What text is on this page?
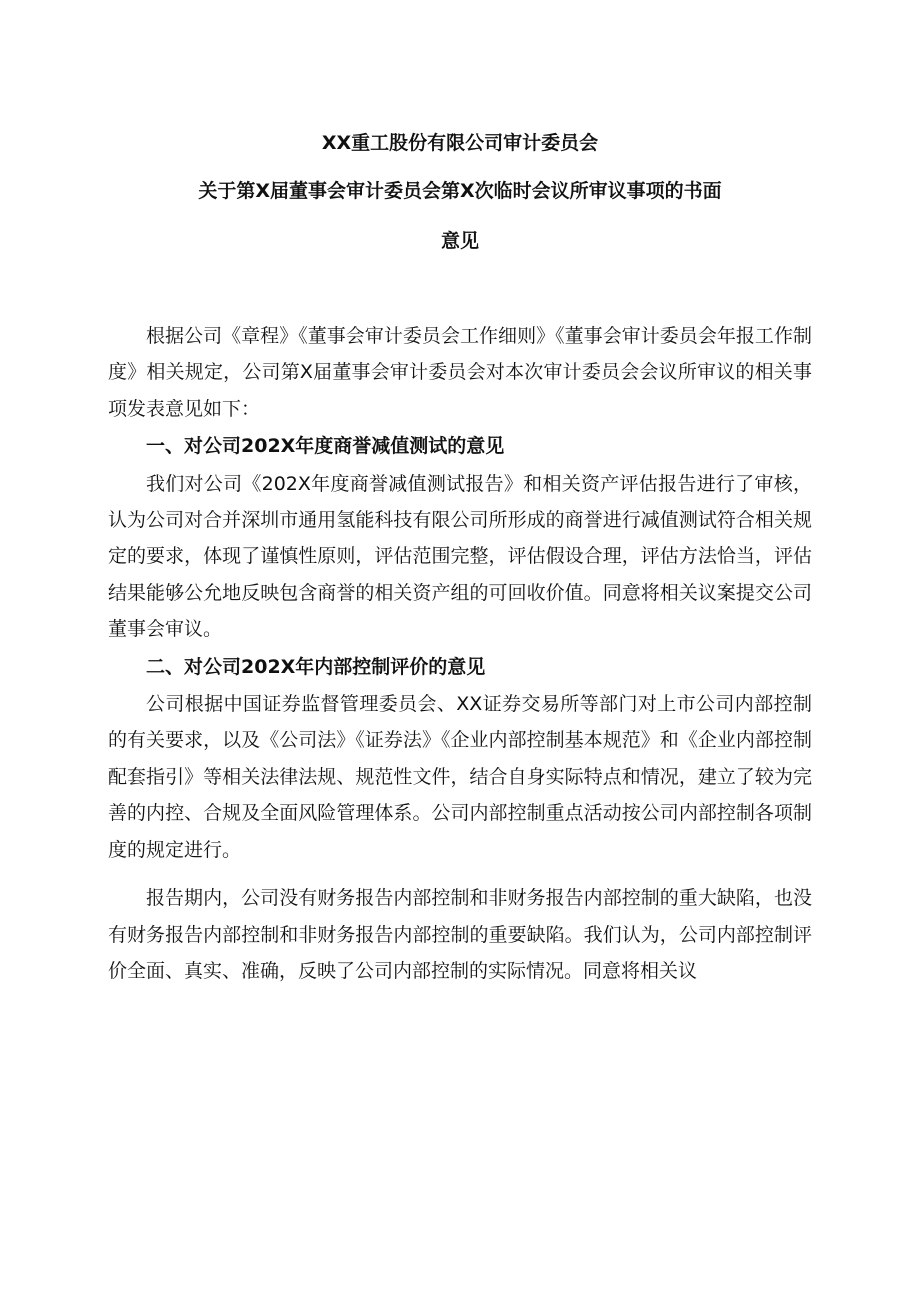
XX重工股份有限公司审计委员会
关于第X届董事会审计委员会第X次临时会议所审议事项的书面
意见

根据公司《章程》《董事会审计委员会工作细则》《董事会审计委员会年报工作制度》相关规定，公司第X届董事会审计委员会对本次审计委员会会议所审议的相关事项发表意见如下：

一、对公司202X年度商誉减值测试的意见

我们对公司《202X年度商誉减值测试报告》和相关资产评估报告进行了审核，认为公司对合并深圳市通用氢能科技有限公司所形成的商誉进行减值测试符合相关规定的要求，体现了谨慎性原则，评估范围完整，评估假设合理，评估方法恰当，评估结果能够公允地反映包含商誉的相关资产组的可回收价值。同意将相关议案提交公司董事会审议。

二、对公司202X年内部控制评价的意见

公司根据中国证券监督管理委员会、XX证券交易所等部门对上市公司内部控制的有关要求，以及《公司法》《证券法》《企业内部控制基本规范》和《企业内部控制配套指引》等相关法律法规、规范性文件，结合自身实际特点和情况，建立了较为完善的内控、合规及全面风险管理体系。公司内部控制重点活动按公司内部控制各项制度的规定进行。

报告期内，公司没有财务报告内部控制和非财务报告内部控制的重大缺陷，也没有财务报告内部控制和非财务报告内部控制的重要缺陷。我们认为，公司内部控制评价全面、真实、准确，反映了公司内部控制的实际情况。同意将相关议
